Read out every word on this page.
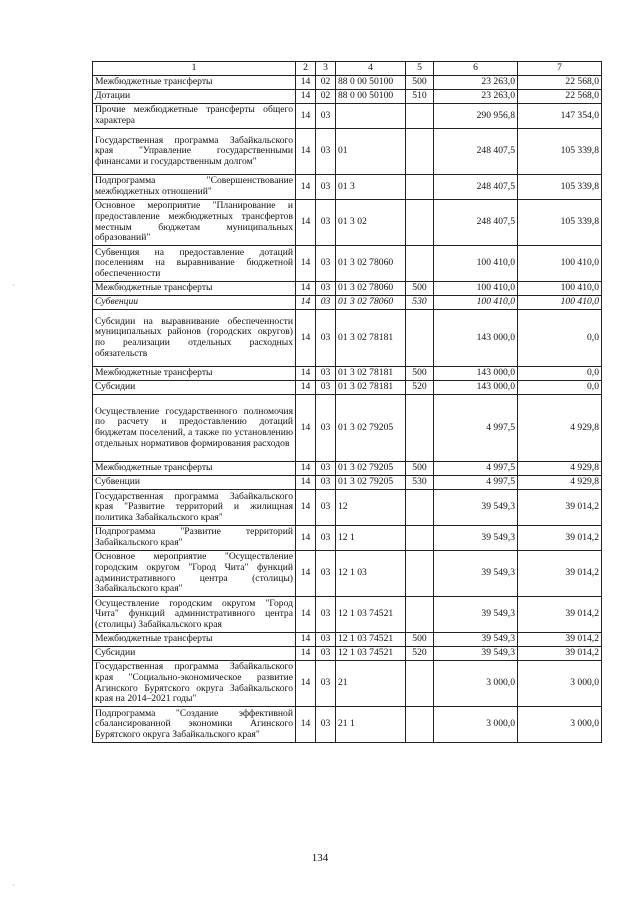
1	2	3	4	5	6	7
Межбюджетные трансферты	14	02	88 0 00 50100	500	23 263,0	22 568,0
Дотации	14	02	88 0 00 50100	510	23 263,0	22 568,0
Прочие межбюджетные трансферты общего характера	14	03			290 956,8	147 354,0
Государственная программа Забайкальского края "Управление государственными финансами и государственным долгом"	14	03	01		248 407,5	105 339,8
Подпрограмма "Совершенствование межбюджетных отношений"	14	03	01 3		248 407,5	105 339,8
Основное мероприятие "Планирование и предоставление межбюджетных трансфертов местным бюджетам муниципальных образований"	14	03	01 3 02		248 407,5	105 339,8
Субвенция на предоставление дотаций поселениям на выравнивание бюджетной обеспеченности	14	03	01 3 02 78060		100 410,0	100 410,0
Межбюджетные трансферты	14	03	01 3 02 78060	500	100 410,0	100 410,0
Субвенции	14	03	01 3 02 78060	530	100 410,0	100 410,0
Субсидии на выравнивание обеспеченности муниципальных районов (городских округов) по реализации отдельных расходных обязательств	14	03	01 3 02 78181		143 000,0	0,0
Межбюджетные трансферты	14	03	01 3 02 78181	500	143 000,0	0,0
Субсидии	14	03	01 3 02 78181	520	143 000,0	0,0
Осуществление государственного полномочия по расчету и предоставлению дотаций бюджетам поселений, а также по установлению отдельных нормативов формирования расходов	14	03	01 3 02 79205		4 997,5	4 929,8
Межбюджетные трансферты	14	03	01 3 02 79205	500	4 997,5	4 929,8
Субвенции	14	03	01 3 02 79205	530	4 997,5	4 929,8
Государственная программа Забайкальского края "Развитие территорий и жилищная политика Забайкальского края"	14	03	12		39 549,3	39 014,2
Подпрограмма "Развитие территорий Забайкальского края"	14	03	12 1		39 549,3	39 014,2
Основное мероприятие "Осуществление городским округом "Город Чита" функций административного центра (столицы) Забайкальского края"	14	03	12 1 03		39 549,3	39 014,2
Осуществление городским округом "Город Чита" функций административного центра (столицы) Забайкальского края	14	03	12 1 03 74521		39 549,3	39 014,2
Межбюджетные трансферты	14	03	12 1 03 74521	500	39 549,3	39 014,2
Субсидии	14	03	12 1 03 74521	520	39 549,3	39 014,2
Государственная программа Забайкальского края "Социально-экономическое развитие Агинского Бурятского округа Забайкальского края на 2014–2021 годы"	14	03	21		3 000,0	3 000,0
Подпрограмма "Создание эффективной сбалансированной экономики Агинского Бурятского округа Забайкальского края"	14	03	21 1		3 000,0	3 000,0
134
·
·
